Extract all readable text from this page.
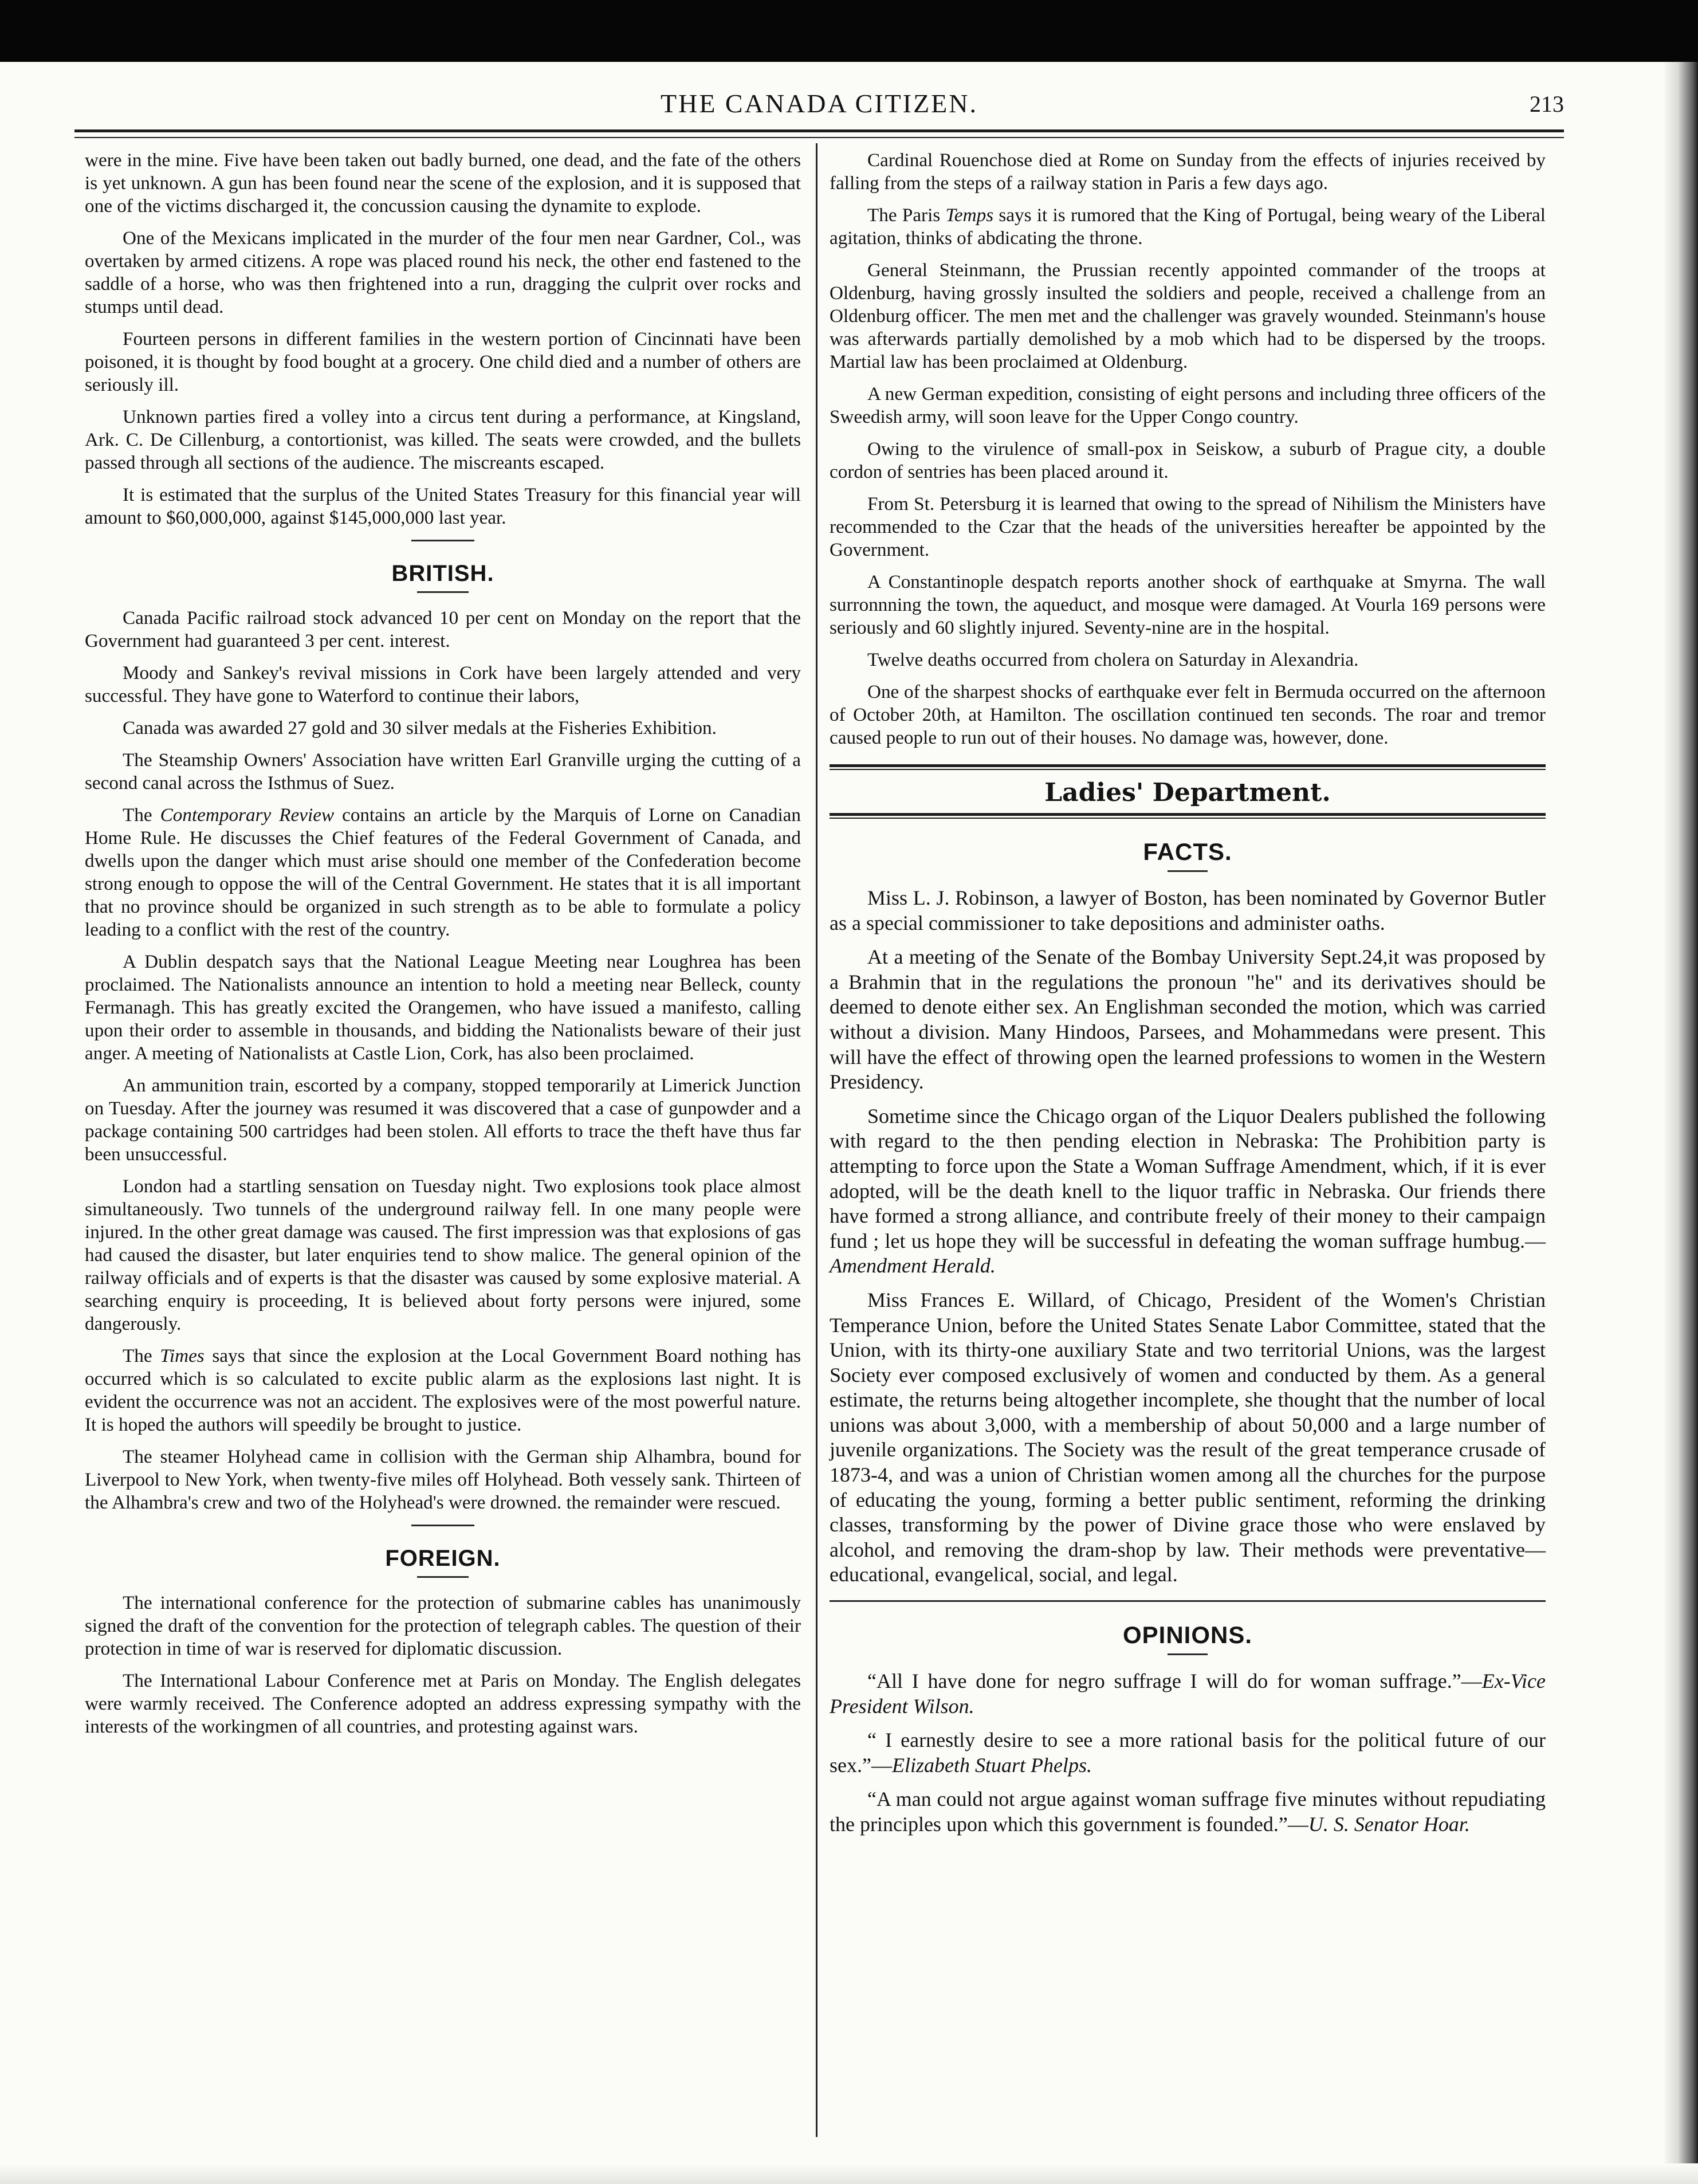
THE CANADA CITIZEN.	213

were in the mine. Five have been taken out badly burned, one dead, and the fate of the others is yet unknown. A gun has been found near the scene of the explosion, and it is supposed that one of the victims discharged it, the concussion causing the dynamite to explode.

One of the Mexicans implicated in the murder of the four men near Gardner, Col., was overtaken by armed citizens. A rope was placed round his neck, the other end fastened to the saddle of a horse, who was then frightened into a run, dragging the culprit over rocks and stumps until dead.

Fourteen persons in different families in the western portion of Cincinnati have been poisoned, it is thought by food bought at a grocery. One child died and a number of others are seriously ill.

Unknown parties fired a volley into a circus tent during a performance, at Kingsland, Ark. C. De Cillenburg, a contortionist, was killed. The seats were crowded, and the bullets passed through all sections of the audience. The miscreants escaped.

It is estimated that the surplus of the United States Treasury for this financial year will amount to $60,000,000, against $145,000,000 last year.

BRITISH.

Canada Pacific railroad stock advanced 10 per cent on Monday on the report that the Government had guaranteed 3 per cent. interest.

Moody and Sankey's revival missions in Cork have been largely attended and very successful. They have gone to Waterford to continue their labors,

Canada was awarded 27 gold and 30 silver medals at the Fisheries Exhibition.

The Steamship Owners' Association have written Earl Granville urging the cutting of a second canal across the Isthmus of Suez.

The Contemporary Review contains an article by the Marquis of Lorne on Canadian Home Rule. He discusses the Chief features of the Federal Government of Canada, and dwells upon the danger which must arise should one member of the Confederation become strong enough to oppose the will of the Central Government. He states that it is all important that no province should be organized in such strength as to be able to formulate a policy leading to a conflict with the rest of the country.

A Dublin despatch says that the National League Meeting near Loughrea has been proclaimed. The Nationalists announce an intention to hold a meeting near Belleck, county Fermanagh. This has greatly excited the Orangemen, who have issued a manifesto, calling upon their order to assemble in thousands, and bidding the Nationalists beware of their just anger. A meeting of Nationalists at Castle Lion, Cork, has also been proclaimed.

An ammunition train, escorted by a company, stopped temporarily at Limerick Junction on Tuesday. After the journey was resumed it was discovered that a case of gunpowder and a package containing 500 cartridges had been stolen. All efforts to trace the theft have thus far been unsuccessful.

London had a startling sensation on Tuesday night. Two explosions took place almost simultaneously. Two tunnels of the underground railway fell. In one many people were injured. In the other great damage was caused. The first impression was that explosions of gas had caused the disaster, but later enquiries tend to show malice. The general opinion of the railway officials and of experts is that the disaster was caused by some explosive material. A searching enquiry is proceeding, It is believed about forty persons were injured, some dangerously.

The Times says that since the explosion at the Local Government Board nothing has occurred which is so calculated to excite public alarm as the explosions last night. It is evident the occurrence was not an accident. The explosives were of the most powerful nature. It is hoped the authors will speedily be brought to justice.

The steamer Holyhead came in collision with the German ship Alhambra, bound for Liverpool to New York, when twenty-five miles off Holyhead. Both vessely sank. Thirteen of the Alhambra's crew and two of the Holyhead's were drowned. the remainder were rescued.

FOREIGN.

The international conference for the protection of submarine cables has unanimously signed the draft of the convention for the protection of telegraph cables. The question of their protection in time of war is reserved for diplomatic discussion.

The International Labour Conference met at Paris on Monday. The English delegates were warmly received. The Conference adopted an address expressing sympathy with the interests of the workingmen of all countries, and protesting against wars.

Cardinal Rouenchose died at Rome on Sunday from the effects of injuries received by falling from the steps of a railway station in Paris a few days ago.

The Paris Temps says it is rumored that the King of Portugal, being weary of the Liberal agitation, thinks of abdicating the throne.

General Steinmann, the Prussian recently appointed commander of the troops at Oldenburg, having grossly insulted the soldiers and people, received a challenge from an Oldenburg officer. The men met and the challenger was gravely wounded. Steinmann's house was afterwards partially demolished by a mob which had to be dispersed by the troops. Martial law has been proclaimed at Oldenburg.

A new German expedition, consisting of eight persons and including three officers of the Sweedish army, will soon leave for the Upper Congo country.

Owing to the virulence of small-pox in Seiskow, a suburb of Prague city, a double cordon of sentries has been placed around it.

From St. Petersburg it is learned that owing to the spread of Nihilism the Ministers have recommended to the Czar that the heads of the universities hereafter be appointed by the Government.

A Constantinople despatch reports another shock of earthquake at Smyrna. The wall surronnning the town, the aqueduct, and mosque were damaged. At Vourla 169 persons were seriously and 60 slightly injured. Seventy-nine are in the hospital.

Twelve deaths occurred from cholera on Saturday in Alexandria.

One of the sharpest shocks of earthquake ever felt in Bermuda occurred on the afternoon of October 20th, at Hamilton. The oscillation continued ten seconds. The roar and tremor caused people to run out of their houses. No damage was, however, done.

Ladies' Department.
FACTS.

Miss L. J. Robinson, a lawyer of Boston, has been nominated by Governor Butler as a special commissioner to take depositions and administer oaths.

At a meeting of the Senate of the Bombay University Sept.24,it was proposed by a Brahmin that in the regulations the pronoun "he" and its derivatives should be deemed to denote either sex. An Englishman seconded the motion, which was carried without a division. Many Hindoos, Parsees, and Mohammedans were present. This will have the effect of throwing open the learned professions to women in the Western Presidency.

Sometime since the Chicago organ of the Liquor Dealers published the following with regard to the then pending election in Nebraska: The Prohibition party is attempting to force upon the State a Woman Suffrage Amendment, which, if it is ever adopted, will be the death knell to the liquor traffic in Nebraska. Our friends there have formed a strong alliance, and contribute freely of their money to their campaign fund ; let us hope they will be successful in defeating the woman suffrage humbug.—Amendment Herald.

Miss Frances E. Willard, of Chicago, President of the Women's Christian Temperance Union, before the United States Senate Labor Committee, stated that the Union, with its thirty-one auxiliary State and two territorial Unions, was the largest Society ever composed exclusively of women and conducted by them. As a general estimate, the returns being altogether incomplete, she thought that the number of local unions was about 3,000, with a membership of about 50,000 and a large number of juvenile organizations. The Society was the result of the great temperance crusade of 1873-4, and was a union of Christian women among all the churches for the purpose of educating the young, forming a better public sentiment, reforming the drinking classes, transforming by the power of Divine grace those who were enslaved by alcohol, and removing the dram-shop by law. Their methods were preventative—educational, evangelical, social, and legal.

OPINIONS.

“All I have done for negro suffrage I will do for woman suffrage.”—Ex-Vice President Wilson.

“ I earnestly desire to see a more rational basis for the political future of our sex.”—Elizabeth Stuart Phelps.

“A man could not argue against woman suffrage five minutes without repudiating the principles upon which this government is founded.”—U. S. Senator Hoar.
